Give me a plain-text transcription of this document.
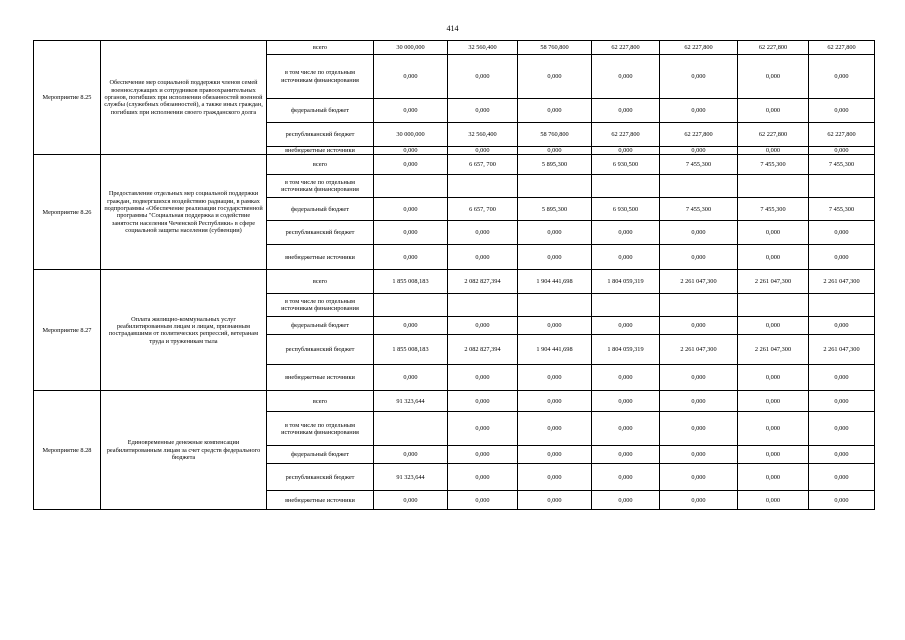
414
Мероприятие 8.25	Обеспечение мер социальной поддержки членов семей военнослужащих и сотрудников правоохранительных органов, погибших при исполнении обязанностей военной службы (служебных обязанностей), а также иных граждан, погибших при исполнении своего гражданского долга	всего	30 000,000	32 560,400	58 760,800	62 227,800	62 227,800	62 227,800	62 227,800
		в том числе по отдельным источникам финансирования	0,000	0,000	0,000	0,000	0,000	0,000	0,000
		федеральный бюджет	0,000	0,000	0,000	0,000	0,000	0,000	0,000
		республиканский бюджет	30 000,000	32 560,400	58 760,800	62 227,800	62 227,800	62 227,800	62 227,800
		внебюджетные источники	0,000	0,000	0,000	0,000	0,000	0,000	0,000
Мероприятие 8.26	Предоставление отдельных мер социальной поддержки граждан, подвергшихся воздействию радиации, в рамках подпрограммы «Обеспечение реализации государственной программы "Социальная поддержка и содействие занятости населения Чеченской Республики» в сфере социальной защиты населения (субвенции)	всего	0,000	6 657, 700	5 895,300	6 930,500	7 455,300	7 455,300	7 455,300
		в том числе по отдельным источникам финансирования							
		федеральный бюджет	0,000	6 657, 700	5 895,300	6 930,500	7 455,300	7 455,300	7 455,300
		республиканский бюджет	0,000	0,000	0,000	0,000	0,000	0,000	0,000
		внебюджетные источники	0,000	0,000	0,000	0,000	0,000	0,000	0,000
Мероприятие 8.27	Оплата жилищно-коммунальных услуг реабилитированным лицам и лицам, признанным пострадавшими от политических репрессий, ветеранам труда и труженикам тыла	всего	1 855 008,183	2 082 827,394	1 904 441,698	1 804 059,319	2 261 047,300	2 261 047,300	2 261 047,300
		в том числе по отдельным источникам финансирования							
		федеральный бюджет	0,000	0,000	0,000	0,000	0,000	0,000	0,000
		республиканский бюджет	1 855 008,183	2 082 827,394	1 904 441,698	1 804 059,319	2 261 047,300	2 261 047,300	2 261 047,300
		внебюджетные источники	0,000	0,000	0,000	0,000	0,000	0,000	0,000
Мероприятие 8.28	Единовременные денежные компенсации реабилитированным лицам за счет средств федерального бюджета	всего	91 323,644	0,000	0,000	0,000	0,000	0,000	0,000
		в том числе по отдельным источникам финансирования		0,000	0,000	0,000	0,000	0,000	0,000
		федеральный бюджет	0,000	0,000	0,000	0,000	0,000	0,000	0,000
		республиканский бюджет	91 323,644	0,000	0,000	0,000	0,000	0,000	0,000
		внебюджетные источники	0,000	0,000	0,000	0,000	0,000	0,000	0,000
